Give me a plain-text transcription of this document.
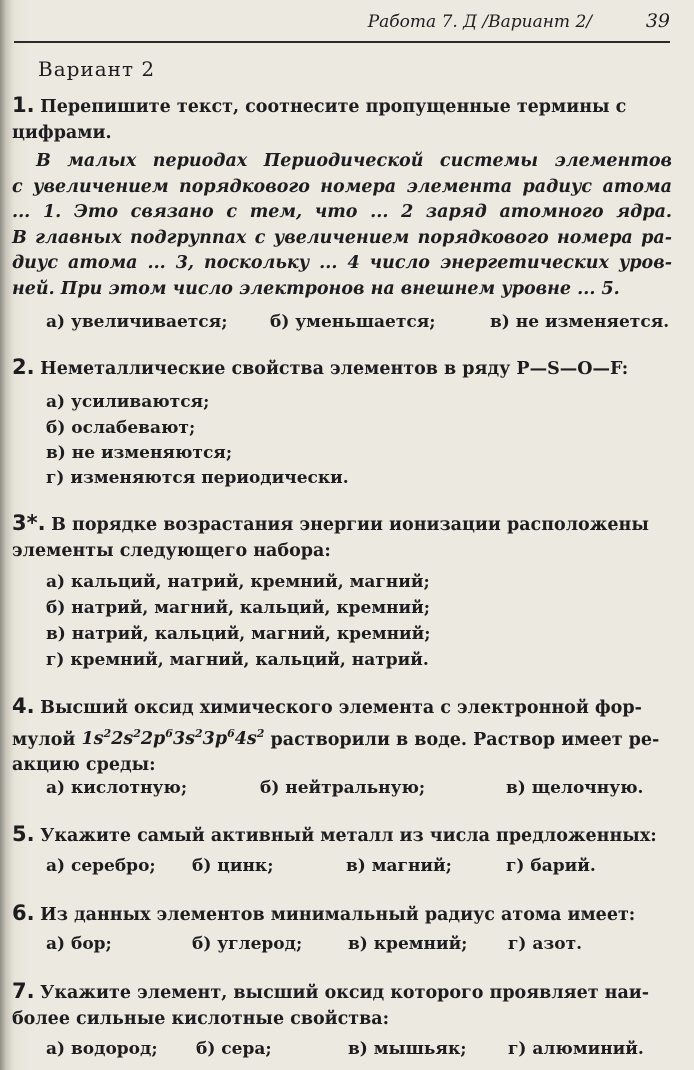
Работа 7. Д /Вариант 2/	39
Вариант 2
1. Перепишите текст, соотнесите пропущенные термины с
цифрами.
В малых периодах Периодической системы элементов
с увеличением порядкового номера элемента радиус атома
... 1. Это связано с тем, что ... 2 заряд атомного ядра.
В главных подгруппах с увеличением порядкового номера ра-
диус атома ... 3, поскольку ... 4 число энергетических уров-
ней. При этом число электронов на внешнем уровне ... 5.
а) увеличивается;	б) уменьшается;	в) не изменяется.
2. Неметаллические свойства элементов в ряду P—S—O—F:
а) усиливаются;
б) ослабевают;
в) не изменяются;
г) изменяются периодически.
3*. В порядке возрастания энергии ионизации расположены
элементы следующего набора:
а) кальций, натрий, кремний, магний;
б) натрий, магний, кальций, кремний;
в) натрий, кальций, магний, кремний;
г) кремний, магний, кальций, натрий.
4. Высший оксид химического элемента с электронной фор-
мулой $1s^22s^22p^63s^23p^64s^2$ растворили в воде. Раствор имеет ре-
акцию среды:
а) кислотную;	б) нейтральную;	в) щелочную.
5. Укажите самый активный металл из числа предложенных:
а) серебро; б) цинк;	в) магний;	г) барий.
6. Из данных элементов минимальный радиус атома имеет:
а) бор;	б) углерод;	в) кремний; г) азот.
7. Укажите элемент, высший оксид которого проявляет наи-
более сильные кислотные свойства:
а) водород; б) сера;	в) мышьяк; г) алюминий.
